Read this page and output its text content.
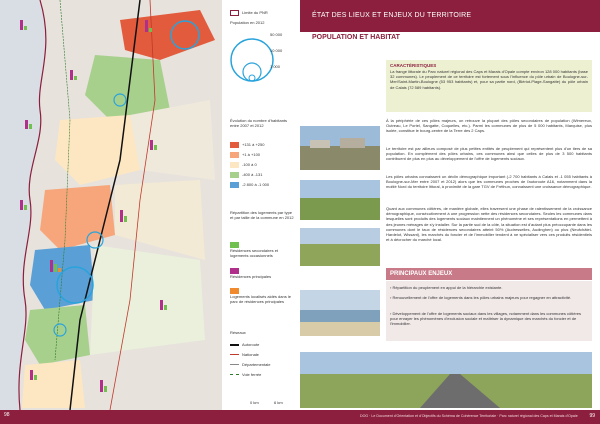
Limite du PNR
Population en 2012
50 000
10 000
1 000
Évolution du nombre d'habitants entre 2007 et 2012
+131 à +250
+1 à +100
-100 à 0
-400 à -131
-2 800 à -1 000
Répartition des logements par type et par taille de la commune en 2012

Résidences secondaires et logements occasionnels

Résidences principales

Logements localisés aidés dans le parc de résidences principales
Réseaux
Autoroute
Nationale
Départementale
Voie ferrée
0 km	6 km
98
ÉTAT DES LIEUX ET ENJEUX DU TERRITOIRE
POPULATION ET HABITAT
CARACTÉRISTIQUES
La frange littorale du Parc naturel régional des Caps et Marais d'Opale compte environ 128 000 habitants (base 32 communes). Le peuplement de ce territoire est fortement sous l'influence du pôle urbain de Boulogne-sur-Mer/Saint-Martin-Boulogne (53 953 habitants) et, pour sa partie nord, (Blériot-Plage-Sangatte) du pôle urbain de Calais (72 589 habitants).
À la périphérie de ces pôles majeurs, on retrouve la plupart des pôles secondaires de population (Wimereux, Outreau, Le Portel, Sangatte, Coquelles, etc.). Parmi les communes de plus de 5 000 habitants, Marquise, plus isolée, constitue le bourg-centre de la Terre des 2 Caps.
Le territoire est par ailleurs composé de plus petites entités de peuplement qui représentent plus d'un tiers de sa population. En complément des pôles urbains, ces communes ainsi que celles de plus de 3 500 habitants contribuent de plus en plus au développement de l'offre de logements sociaux.
Les pôles urbains connaissent un déclin démographique important (-2 700 habitants à Calais et -1 055 habitants à Boulogne-sur-Mer entre 2007 et 2012) alors que les communes proches de l'autoroute A16, notamment dans la moitié Nord du territoire littoral, à proximité de la gare TGV de Fréthun, connaissent une croissance démographique.
Quant aux communes côtières, de manière globale, elles traversent une phase de ralentissement de la croissance démographique, consécutivement à une progression nette des résidences secondaires. Seules les communes dans lesquelles sont produits des logements sociaux maintiennent un phénomène et ses représentations en permettent à des jeunes ménages de s'y installer. Sur la partie sud de la côte, la situation est d'autant plus préoccupante dans les communes dont le taux de résidences secondaires atteint 50% (Audresselles, Audinghen) ou plus (Neufchâtel-Hardelot, Wissant), les marchés du foncier et de l'immobilier tendent à ne spécialiser vers ces produits résidentiels et à décrocher du marché local.
PRINCIPAUX ENJEUX
› Répartition du peuplement en appui de la hiérarchie existante.
› Renouvellement de l'offre de logements dans les pôles urbains majeurs pour regagner en attractivité.
› Développement de l'offre de logements sociaux dans les villages, notamment dans les communes côtières pour enrayer les phénomènes d'exclusion sociale et maîtriser la dynamique des marchés du foncier et de l'immobilier.
DOG · Le Document d'Orientation et d'Objectifs du Schéma de Cohérence Territoriale · Parc naturel régional des Caps et Marais d'Opale 99
